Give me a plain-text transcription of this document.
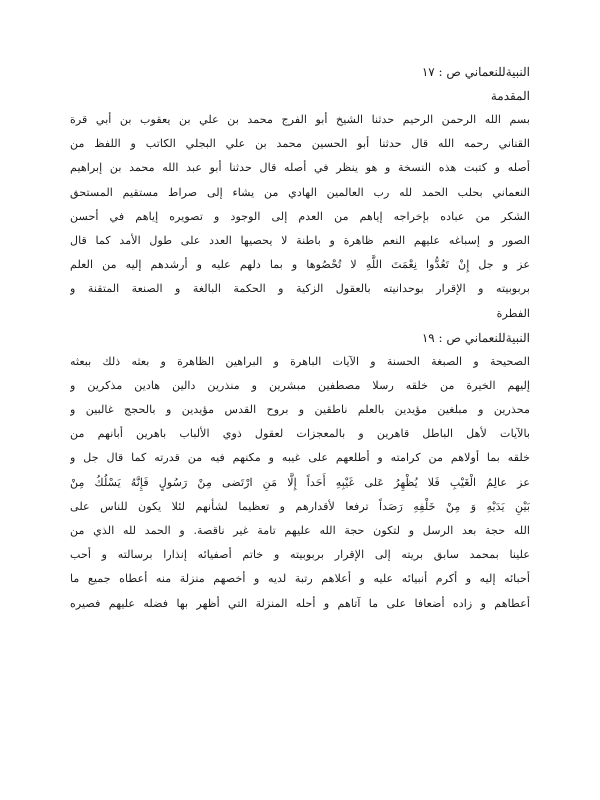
النبيةللنعماني ص : ١٧
المقدمة
بسم الله الرحمن الرحيم حدثنا الشيخ أبو الفرج محمد بن علي بن يعقوب بن أبي قرة
القناني رحمه الله قال حدثنا أبو الحسين محمد بن علي البجلي الكاتب و اللفظ من
أصله و كتبت هذه النسخة و هو ينظر في أصله قال حدثنا أبو عبد الله محمد بن إبراهيم
النعماني بحلب الحمد لله رب العالمين الهادي من يشاء إلى صراط مستقيم المستحق
الشكر من عباده بإخراجه إياهم من العدم إلى الوجود و تصويره إياهم في أحسن
الصور و إسباغه عليهم النعم ظاهرة و باطنة لا يحصيها العدد على طول الأمد كما قال
عز و جل إِنْ تَعُدُّوا نِعْمَتَ اللَّهِ لا تُحْصُوها و بما دلهم عليه و أرشدهم إليه من العلم
بربوبيته و الإقرار بوحدانيته بالعقول الزكية و الحكمة البالغة و الصنعة المتقنة و
الفطرة
النبيةللنعماني ص : ١٩
الصحيحة و الصبغة الحسنة و الآيات الباهرة و البراهين الظاهرة و بعثه ذلك ببعثه
إليهم الخيرة من خلقه رسلا مصطفين مبشرين و منذرين دالين هادين مذكرين و
محذرين و مبلغين مؤيدين بالعلم ناطقين و بروح القدس مؤيدين و بالحجج غالبين و
بالآيات لأهل الباطل قاهرين و بالمعجزات لعقول ذوي الألباب باهرين أبانهم من
خلقه بما أولاهم من كرامته و أطلعهم على غيبه و مكنهم فيه من قدرته كما قال جل و
عز عالِمُ الْغَيْبِ فَلا يُظْهِرُ عَلى غَيْبِهِ أَحَداً إِلَّا مَنِ ارْتَضى مِنْ رَسُولٍ فَإِنَّهُ يَسْلُكُ مِنْ
بَيْنِ يَدَيْهِ وَ مِنْ خَلْفِهِ رَصَداً ترفعا لأقدارهم و تعظيما لشأنهم لئلا يكون للناس على
الله حجة بعد الرسل و لتكون حجة الله عليهم تامة غير ناقصة. و الحمد لله الذي من
علينا بمحمد سابق بريته إلى الإقرار بربوبيته و خاتم أصفيائه إنذارا برسالته و أحب
أحبائه إليه و أكرم أنبيائه عليه و أعلاهم رتبة لديه و أخصهم منزلة منه أعطاه جميع ما
أعطاهم و زاده أضعافا على ما آتاهم و أحله المنزلة التي أظهر بها فضله عليهم فصيره
